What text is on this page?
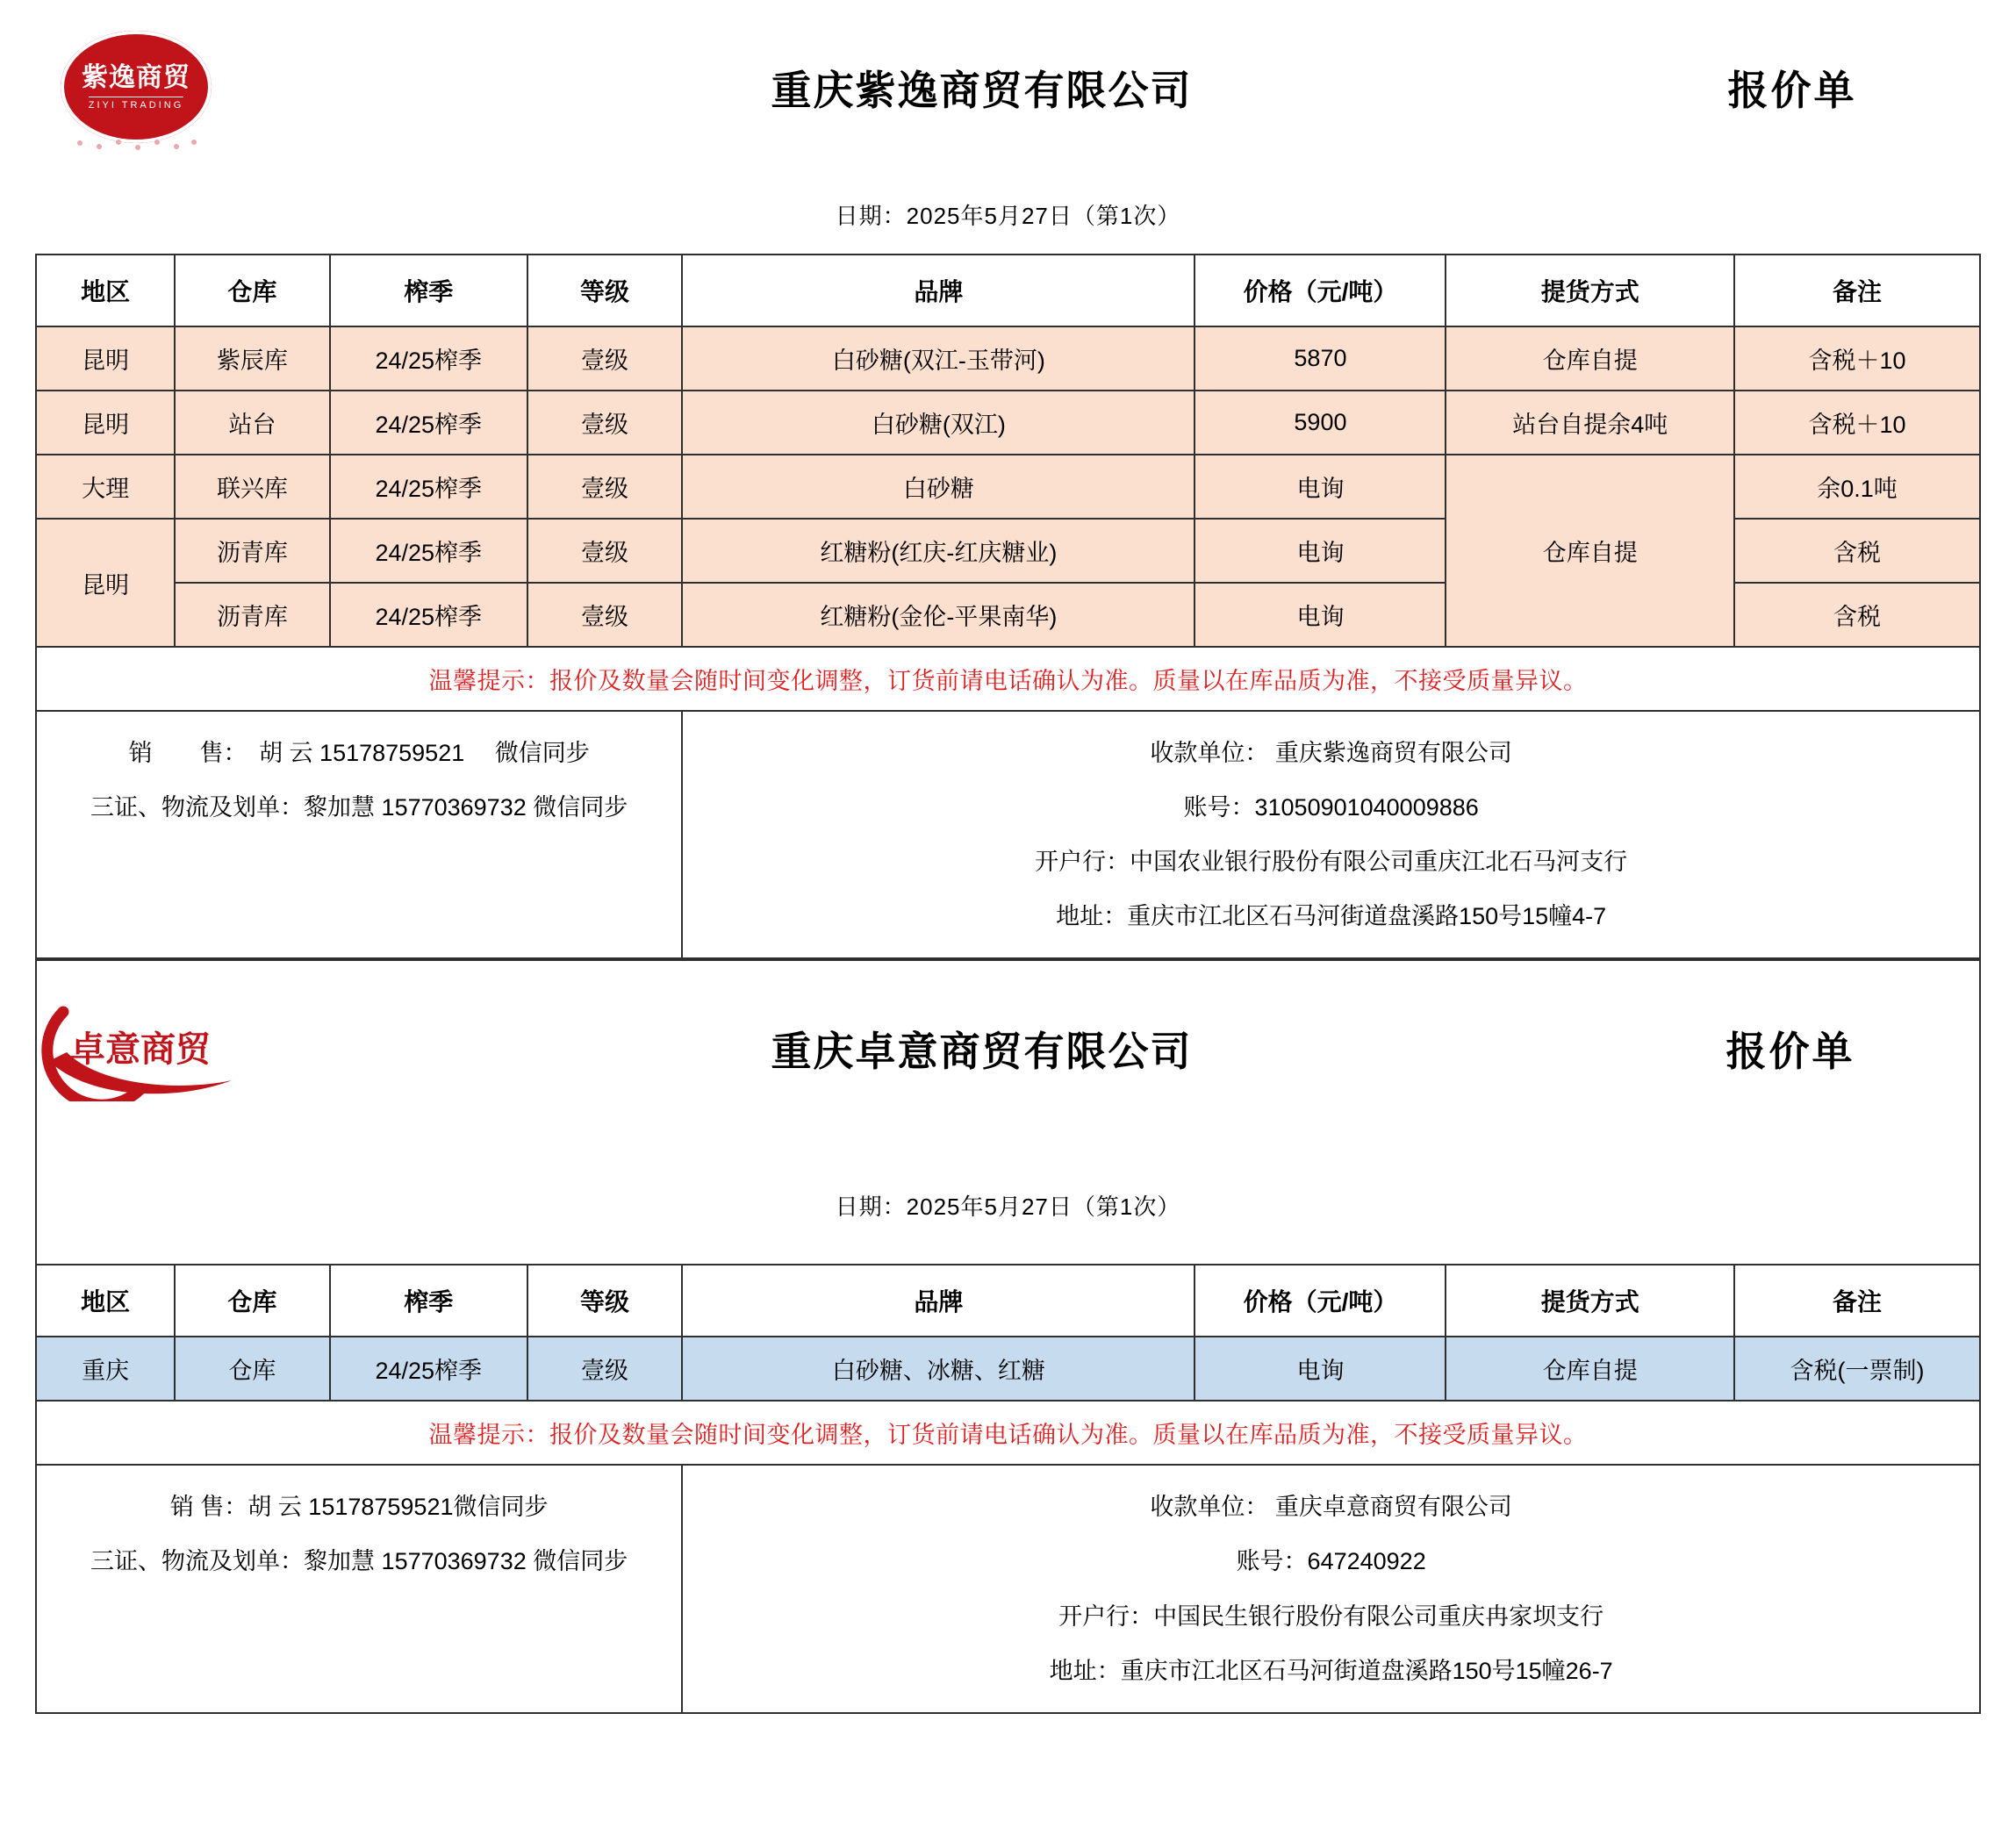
紫逸商贸
ZIYI TRADING	重庆紫逸商贸有限公司	报价单
日期：2025年5月27日（第1次）
地区	仓库	榨季	等级	品牌	价格（元/吨）	提货方式	备注
昆明	紫辰库	24/25榨季	壹级	白砂糖(双江-玉带河)	5870	仓库自提	含税＋10
昆明	站台	24/25榨季	壹级	白砂糖(双江)	5900	站台自提余4吨	含税＋10
大理	联兴库	24/25榨季	壹级	白砂糖	电询	仓库自提	余0.1吨
昆明	沥青库	24/25榨季	壹级	红糖粉(红庆-红庆糖业)	电询		含税
	沥青库	24/25榨季	壹级	红糖粉(金伦-平果南华)	电询		含税
温馨提示：报价及数量会随时间变化调整，订货前请电话确认为准。质量以在库品质为准，不接受质量异议。							

销　　售：　胡 云 15178759521　 微信同步
三证、物流及划单：黎加慧 15770369732 微信同步				收款单位： 重庆紫逸商贸有限公司
账号：31050901040009886
开户行：中国农业银行股份有限公司重庆江北石马河支行
地址：重庆市江北区石马河街道盘溪路150号15幢4-7			
卓意商贸	重庆卓意商贸有限公司	报价单
日期：2025年5月27日（第1次）
地区	仓库	榨季	等级	品牌	价格（元/吨）	提货方式	备注
重庆	仓库	24/25榨季	壹级	白砂糖、冰糖、红糖	电询	仓库自提	含税(一票制)
温馨提示：报价及数量会随时间变化调整，订货前请电话确认为准。质量以在库品质为准，不接受质量异议。							

销 售：胡 云 15178759521微信同步
三证、物流及划单：黎加慧 15770369732 微信同步				收款单位： 重庆卓意商贸有限公司
账号：647240922
开户行：中国民生银行股份有限公司重庆冉家坝支行
地址：重庆市江北区石马河街道盘溪路150号15幢26-7			
